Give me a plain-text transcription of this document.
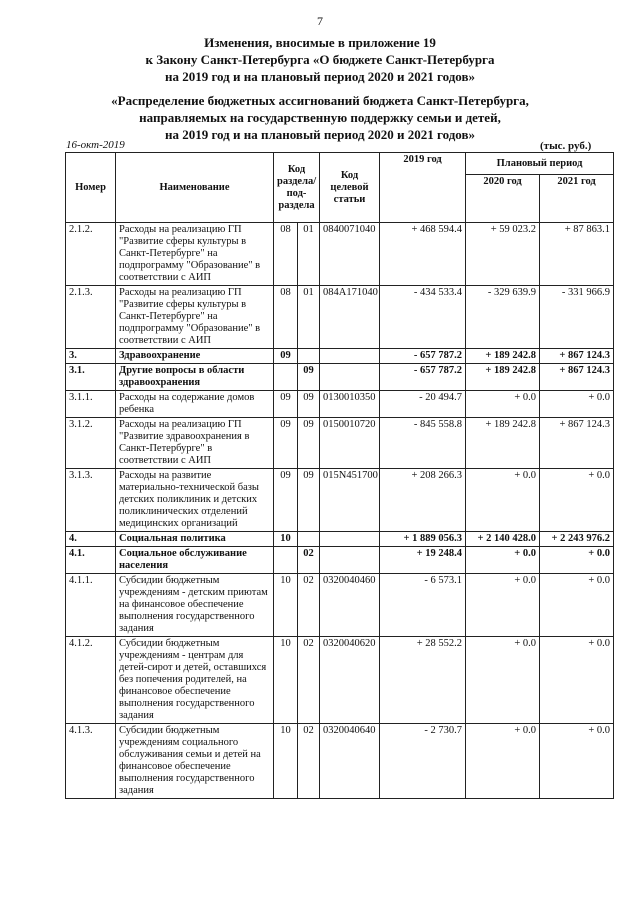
7
Изменения, вносимые в приложение 19
к Закону Санкт-Петербурга «О бюджете Санкт-Петербурга
на 2019 год и на плановый период 2020 и 2021 годов»
«Распределение бюджетных ассигнований бюджета Санкт-Петербурга,
направляемых на государственную поддержку семьи и детей,
на 2019 год и на плановый период 2020 и 2021 годов»
16-окт-2019	(тыс. руб.)
Номер	Наименование	Код раздела/ под-раздела		Код целевой статьи	2019 год	Плановый период	
						2020 год	2021 год
2.1.2.	Расходы на реализацию ГП "Развитие сферы культуры в Санкт-Петербурге" на подпрограмму "Образование" в соответствии с АИП	08	01	0840071040	+ 468 594.4	+ 59 023.2	+ 87 863.1
2.1.3.	Расходы на реализацию ГП "Развитие сферы культуры в Санкт-Петербурге" на подпрограмму "Образование" в соответствии с АИП	08	01	084А171040	- 434 533.4	- 329 639.9	- 331 966.9
3.	Здравоохранение	09			- 657 787.2	+ 189 242.8	+ 867 124.3
3.1.	Другие вопросы в области здравоохранения		09		- 657 787.2	+ 189 242.8	+ 867 124.3
3.1.1.	Расходы на содержание домов ребенка	09	09	0130010350	- 20 494.7	+ 0.0	+ 0.0
3.1.2.	Расходы на реализацию ГП "Развитие здравоохранения в Санкт-Петербурге" в соответствии с АИП	09	09	0150010720	- 845 558.8	+ 189 242.8	+ 867 124.3
3.1.3.	Расходы на развитие материально-технической базы детских поликлиник и детских поликлинических отделений медицинских организаций	09	09	015N451700	+ 208 266.3	+ 0.0	+ 0.0
4.	Социальная политика	10			+ 1 889 056.3	+ 2 140 428.0	+ 2 243 976.2
4.1.	Социальное обслуживание населения		02		+ 19 248.4	+ 0.0	+ 0.0
4.1.1.	Субсидии бюджетным учреждениям - детским приютам на финансовое обеспечение выполнения государственного задания	10	02	0320040460	- 6 573.1	+ 0.0	+ 0.0
4.1.2.	Субсидии бюджетным учреждениям - центрам для детей-сирот и детей, оставшихся без попечения родителей, на финансовое обеспечение выполнения государственного задания	10	02	0320040620	+ 28 552.2	+ 0.0	+ 0.0
4.1.3.	Субсидии бюджетным учреждениям социального обслуживания семьи и детей на финансовое обеспечение выполнения государственного задания	10	02	0320040640	- 2 730.7	+ 0.0	+ 0.0
